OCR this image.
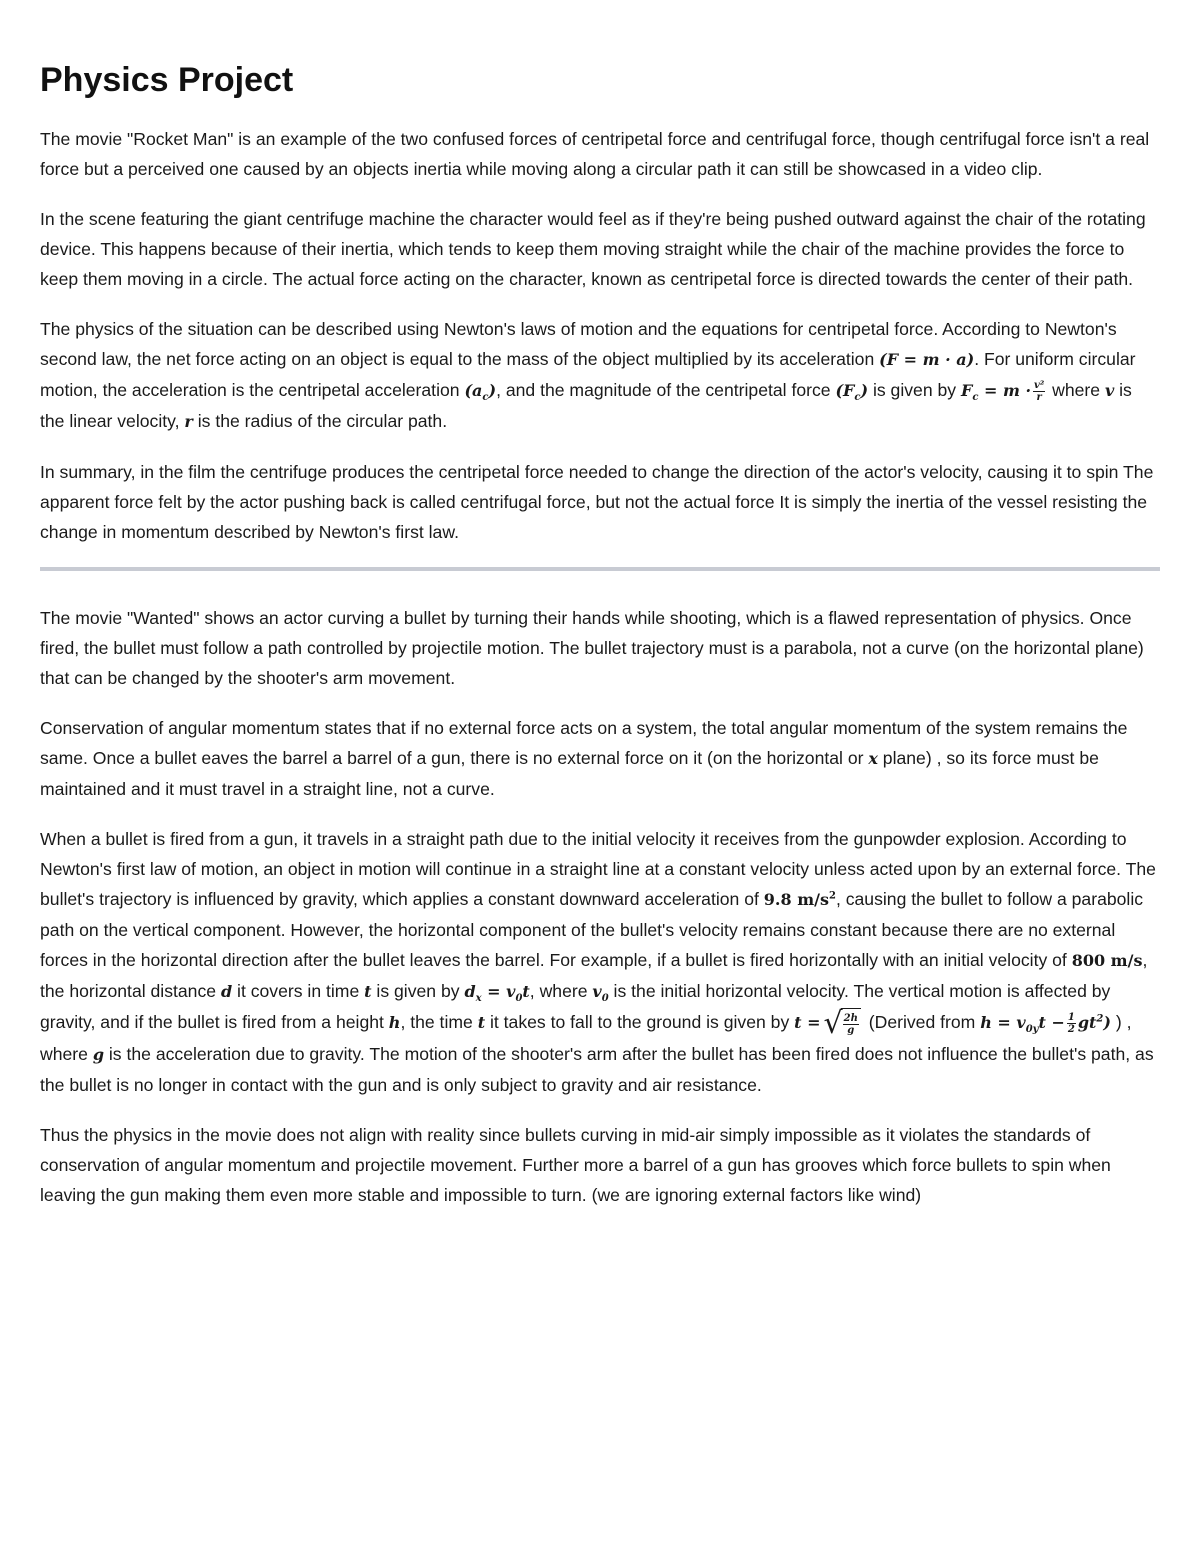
Physics Project

The movie "Rocket Man" is an example of the two confused forces of centripetal force and centrifugal force, though centrifugal force isn't a real force but a perceived one caused by an objects inertia while moving along a circular path it can still be showcased in a video clip.

In the scene featuring the giant centrifuge machine the character would feel as if they're being pushed outward against the chair of the rotating device. This happens because of their inertia, which tends to keep them moving straight while the chair of the machine provides the force to keep them moving in a circle. The actual force acting on the character, known as centripetal force is directed towards the center of their path.

The physics of the situation can be described using Newton's laws of motion and the equations for centripetal force. According to Newton's second law, the net force acting on an object is equal to the mass of the object multiplied by its acceleration (F = m · a). For uniform circular motion, the acceleration is the centripetal acceleration $(a_c)$, and the magnitude of the centripetal force $(F_c)$ is given by $F_c = m \cdot \frac{\text{v²}}{r}$ where v is the linear velocity, r is the radius of the circular path.

In summary, in the film the centrifuge produces the centripetal force needed to change the direction of the actor's velocity, causing it to spin The apparent force felt by the actor pushing back is called centrifugal force, but not the actual force It is simply the inertia of the vessel resisting the change in momentum described by Newton's first law.

The movie "Wanted" shows an actor curving a bullet by turning their hands while shooting, which is a flawed representation of physics. Once fired, the bullet must follow a path controlled by projectile motion. The bullet trajectory must is a parabola, not a curve (on the horizontal plane) that can be changed by the shooter's arm movement.

Conservation of angular momentum states that if no external force acts on a system, the total angular momentum of the system remains the same. Once a bullet eaves the barrel a barrel of a gun, there is no external force on it (on the horizontal or x plane) , so its force must be maintained and it must travel in a straight line, not a curve.

When a bullet is fired from a gun, it travels in a straight path due to the initial velocity it receives from the gunpowder explosion. According to Newton's first law of motion, an object in motion will continue in a straight line at a constant velocity unless acted upon by an external force. The bullet's trajectory is influenced by gravity, which applies a constant downward acceleration of 9.8 $m/s^2$, causing the bullet to follow a parabolic path on the vertical component. However, the horizontal component of the bullet's velocity remains constant because there are no external forces in the horizontal direction after the bullet leaves the barrel. For example, if a bullet is fired horizontally with an initial velocity of 800 m/s, the horizontal distance d it covers in time t is given by $d_x = v_0t$, where $v_0$ is the initial horizontal velocity. The vertical motion is affected by gravity, and if the bullet is fired from a height h, the time t it takes to fall to the ground is given by t = √ $\frac{2h}{g}$ (Derived from $h = v_{0y}t - \frac{1}{2} gt^2$) ) , where g is the acceleration due to gravity. The motion of the shooter's arm after the bullet has been fired does not influence the bullet's path, as the bullet is no longer in contact with the gun and is only subject to gravity and air resistance.

Thus the physics in the movie does not align with reality since bullets curving in mid-air simply impossible as it violates the standards of conservation of angular momentum and projectile movement. Further more a barrel of a gun has grooves which force bullets to spin when leaving the gun making them even more stable and impossible to turn. (we are ignoring external factors like wind)
